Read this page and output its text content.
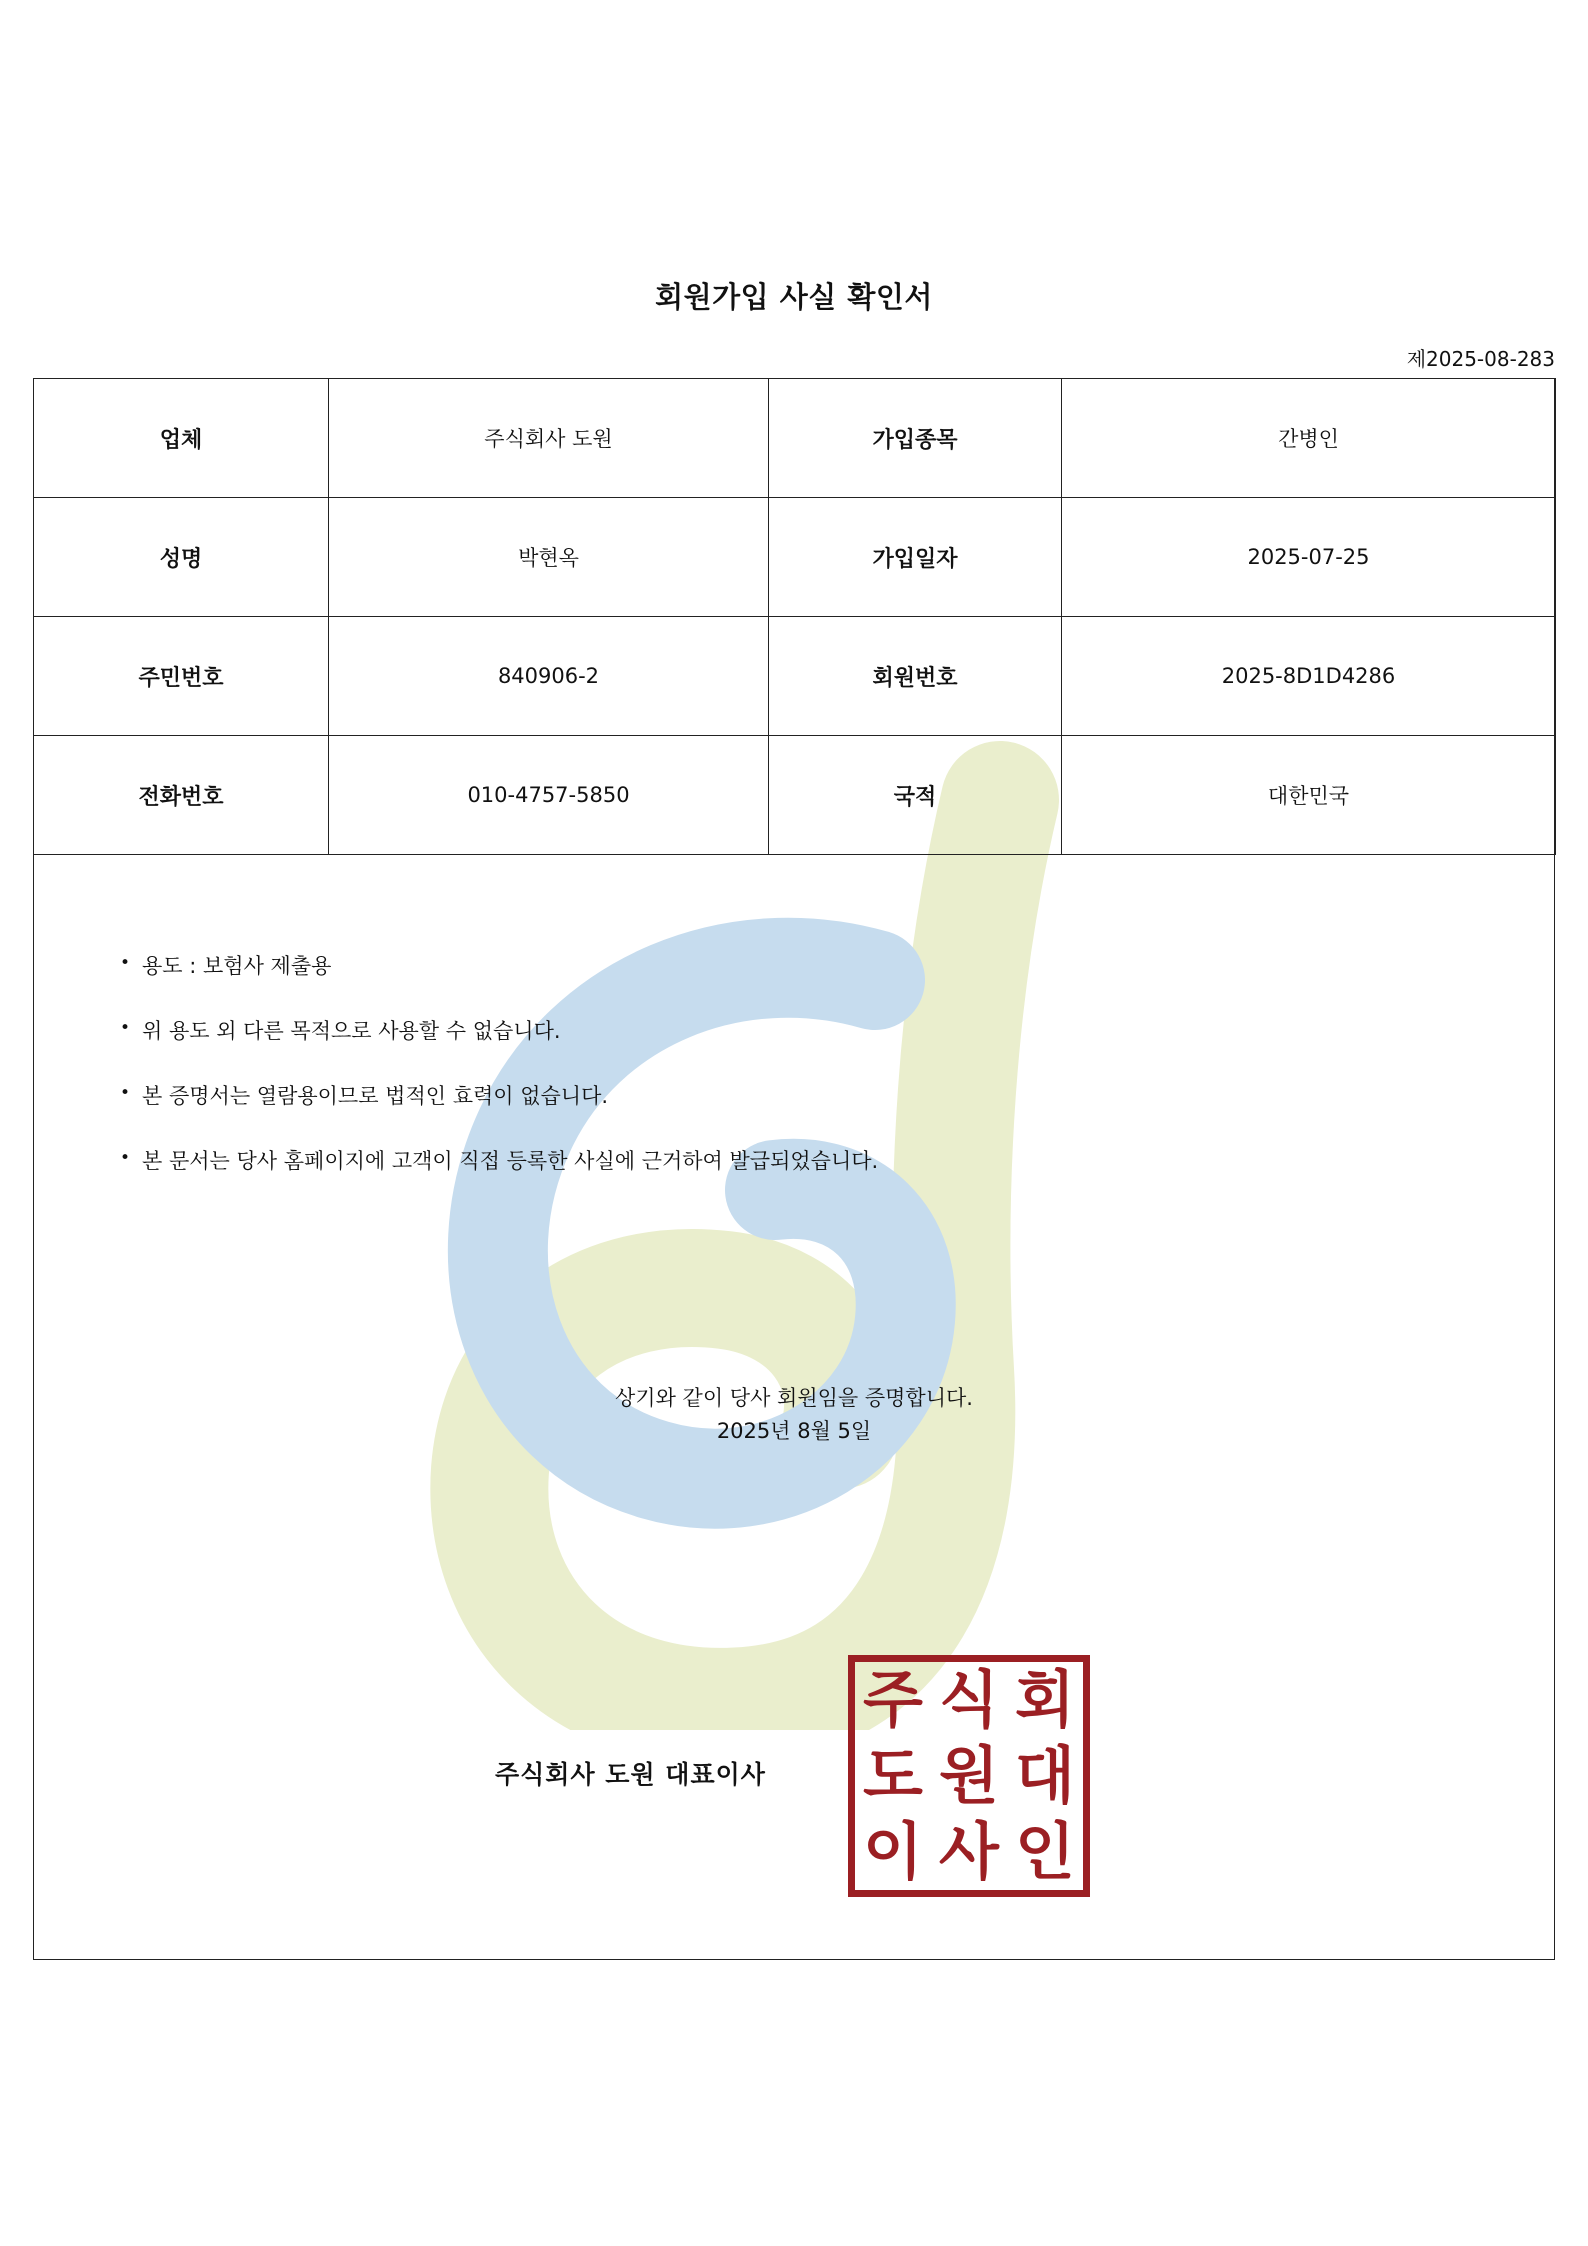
회원가입 사실 확인서
제2025-08-283
업체	주식회사 도원	가입종목	간병인
성명	박현옥	가입일자	2025-07-25
주민번호	840906-2	회원번호	2025-8D1D4286
전화번호	010-4757-5850	국적	대한민국
• 용도 : 보험사 제출용
• 위 용도 외 다른 목적으로 사용할 수 없습니다.
• 본 증명서는 열람용이므로 법적인 효력이 없습니다.
• 본 문서는 당사 홈페이지에 고객이 직접 등록한 사실에 근거하여 발급되었습니다.
상기와 같이 당사 회원임을 증명합니다.
2025년 8월 5일
주식회사 도원 대표이사
주 식 회
도 원 대
이 사 인
